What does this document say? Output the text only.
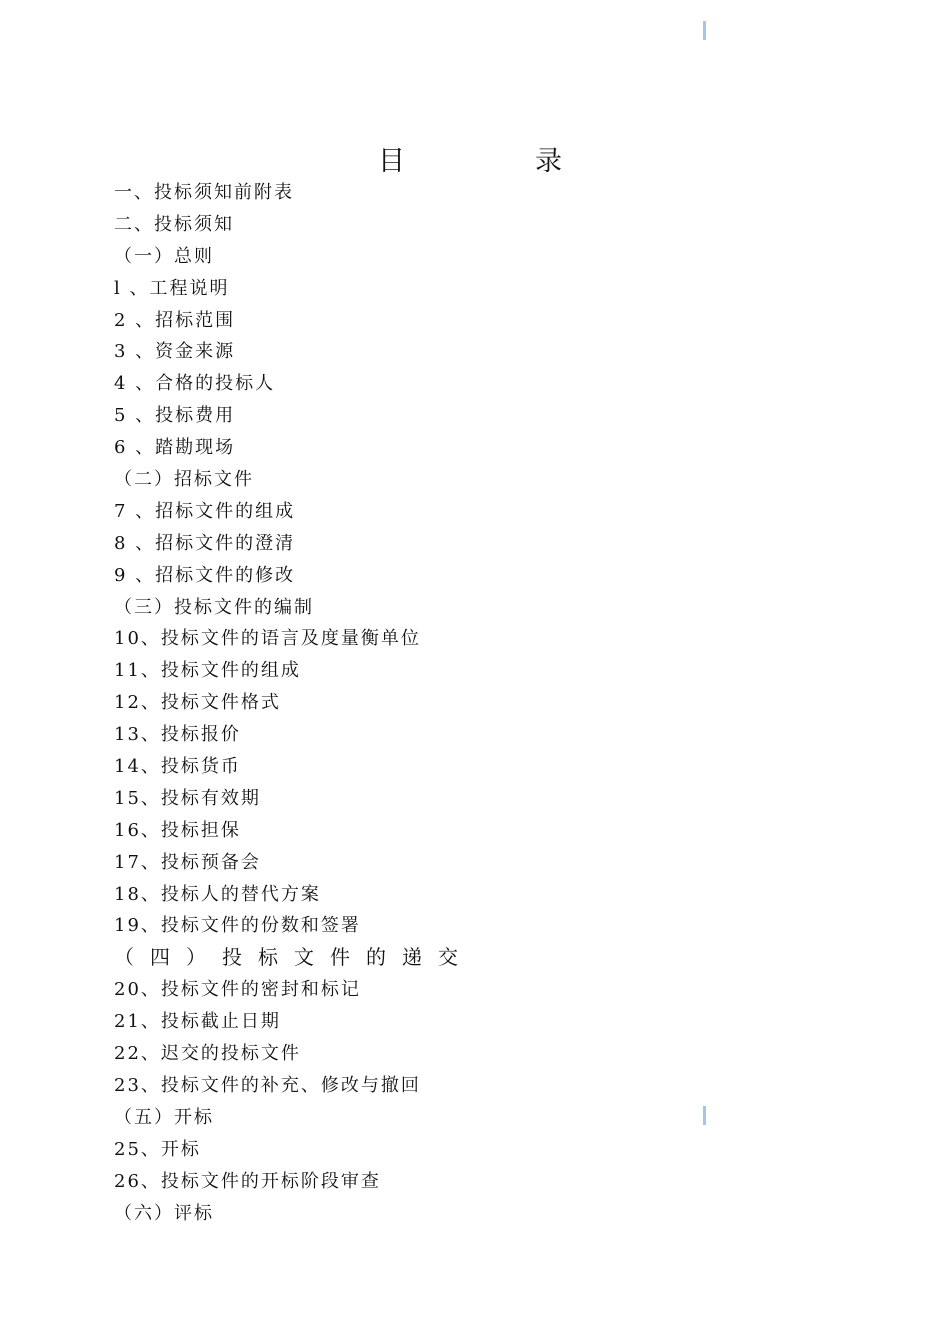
目录
一、投标须知前附表
二、投标须知
（一）总则
l 、工程说明
2 、招标范围
3 、资金来源
4 、合格的投标人
5 、投标费用
6 、踏勘现场
（二）招标文件
7 、招标文件的组成
8 、招标文件的澄清
9 、招标文件的修改
（三）投标文件的编制
10、投标文件的语言及度量衡单位
11、投标文件的组成
12、投标文件格式
13、投标报价
14、投标货币
15、投标有效期
16、投标担保
17、投标预备会
18、投标人的替代方案
19、投标文件的份数和签署
（四）投标文件的递交
20、投标文件的密封和标记
21、投标截止日期
22、迟交的投标文件
23、投标文件的补充、修改与撤回
（五）开标
25、开标
26、投标文件的开标阶段审查
（六）评标
